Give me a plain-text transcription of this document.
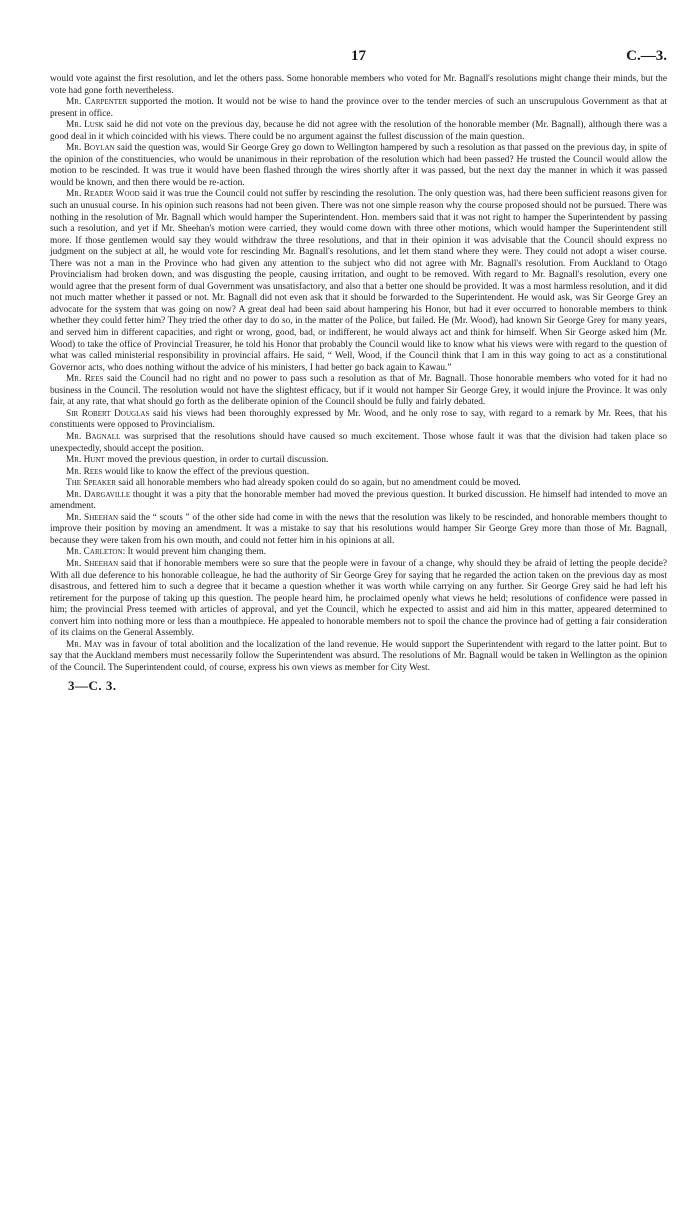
17	C.—3.

would vote against the first resolution, and let the others pass. Some honorable members who voted for Mr. Bagnall's resolutions might change their minds, but the vote had gone forth nevertheless.

Mr. Carpenter supported the motion. It would not be wise to hand the province over to the tender mercies of such an unscrupulous Government as that at present in office.

Mr. Lusk said he did not vote on the previous day, because he did not agree with the resolution of the honorable member (Mr. Bagnall), although there was a good deal in it which coincided with his views. There could be no argument against the fullest discussion of the main question.

Mr. Boylan said the question was, would Sir George Grey go down to Wellington hampered by such a resolution as that passed on the previous day, in spite of the opinion of the constituencies, who would be unanimous in their reprobation of the resolution which had been passed? He trusted the Council would allow the motion to be rescinded. It was true it would have been flashed through the wires shortly after it was passed, but the next day the manner in which it was passed would be known, and then there would be re-action.

Mr. Reader Wood said it was true the Council could not suffer by rescinding the resolution. The only question was, had there been sufficient reasons given for such an unusual course. In his opinion such reasons had not been given. There was not one simple reason why the course proposed should not be pursued. There was nothing in the resolution of Mr. Bagnall which would hamper the Superintendent. Hon. members said that it was not right to hamper the Superintendent by passing such a resolution, and yet if Mr. Sheehan's motion were carried, they would come down with three other motions, which would hamper the Superintendent still more. If those gentlemen would say they would withdraw the three resolutions, and that in their opinion it was advisable that the Council should express no judgment on the subject at all, he would vote for rescinding Mr. Bagnall's resolutions, and let them stand where they were. They could not adopt a wiser course. There was not a man in the Province who had given any attention to the subject who did not agree with Mr. Bagnall's resolution. From Auckland to Otago Provincialism had broken down, and was disgusting the people, causing irritation, and ought to be removed. With regard to Mr. Bagnall's resolution, every one would agree that the present form of dual Government was unsatisfactory, and also that a better one should be provided. It was a most harmless resolution, and it did not much matter whether it passed or not. Mr. Bagnall did not even ask that it should be forwarded to the Superintendent. He would ask, was Sir George Grey an advocate for the system that was going on now? A great deal had been said about hampering his Honor, but had it ever occurred to honorable members to think whether they could fetter him? They tried the other day to do so, in the matter of the Police, but failed. He (Mr. Wood), had known Sir George Grey for many years, and served him in different capacities, and right or wrong, good, bad, or indifferent, he would always act and think for himself. When Sir George asked him (Mr. Wood) to take the office of Provincial Treasurer, he told his Honor that probably the Council would like to know what his views were with regard to the question of what was called ministerial responsibility in provincial affairs. He said, “ Well, Wood, if the Council think that I am in this way going to act as a constitutional Governor acts, who does nothing without the advice of his ministers, I had better go back again to Kawau.”

Mr. Rees said the Council had no right and no power to pass such a resolution as that of Mr. Bagnall. Those honorable members who voted for it had no business in the Council. The resolution would not have the slightest efficacy, but if it would not hamper Sir George Grey, it would injure the Province. It was only fair, at any rate, that what should go forth as the deliberate opinion of the Council should be fully and fairly debated.

Sir Robert Douglas said his views had been thoroughly expressed by Mr. Wood, and he only rose to say, with regard to a remark by Mr. Rees, that his constituents were opposed to Provincialism.

Mr. Bagnall was surprised that the resolutions should have caused so much excitement. Those whose fault it was that the division had taken place so unexpectedly, should accept the position.

Mr. Hunt moved the previous question, in order to curtail discussion.

Mr. Rees would like to know the effect of the previous question.

The Speaker said all honorable members who had already spoken could do so again, but no amendment could be moved.

Mr. Dargaville thought it was a pity that the honorable member had moved the previous question. It burked discussion. He himself had intended to move an amendment.

Mr. Sheehan said the “ scouts ” of the other side had come in with the news that the resolution was likely to be rescinded, and honorable members thought to improve their position by moving an amendment. It was a mistake to say that his resolutions would hamper Sir George Grey more than those of Mr. Bagnall, because they were taken from his own mouth, and could not fetter him in his opinions at all.

Mr. Carleton: It would prevent him changing them.

Mr. Sheehan said that if honorable members were so sure that the people were in favour of a change, why should they be afraid of letting the people decide? With all due deference to his honorable colleague, he had the authority of Sir George Grey for saying that he regarded the action taken on the previous day as most disastrous, and fettered him to such a degree that it became a question whether it was worth while carrying on any further. Sir George Grey said he had left his retirement for the purpose of taking up this question. The people heard him, he proclaimed openly what views he held; resolutions of confidence were passed in him; the provincial Press teemed with articles of approval, and yet the Council, which he expected to assist and aid him in this matter, appeared determined to convert him into nothing more or less than a mouthpiece. He appealed to honorable members not to spoil the chance the province had of getting a fair consideration of its claims on the General Assembly.

Mr. May was in favour of total abolition and the localization of the land revenue. He would support the Superintendent with regard to the latter point. But to say that the Auckland members must necessarily follow the Superintendent was absurd. The resolutions of Mr. Bagnall would be taken in Wellington as the opinion of the Council. The Superintendent could, of course, express his own views as member for City West.

3—C. 3.
